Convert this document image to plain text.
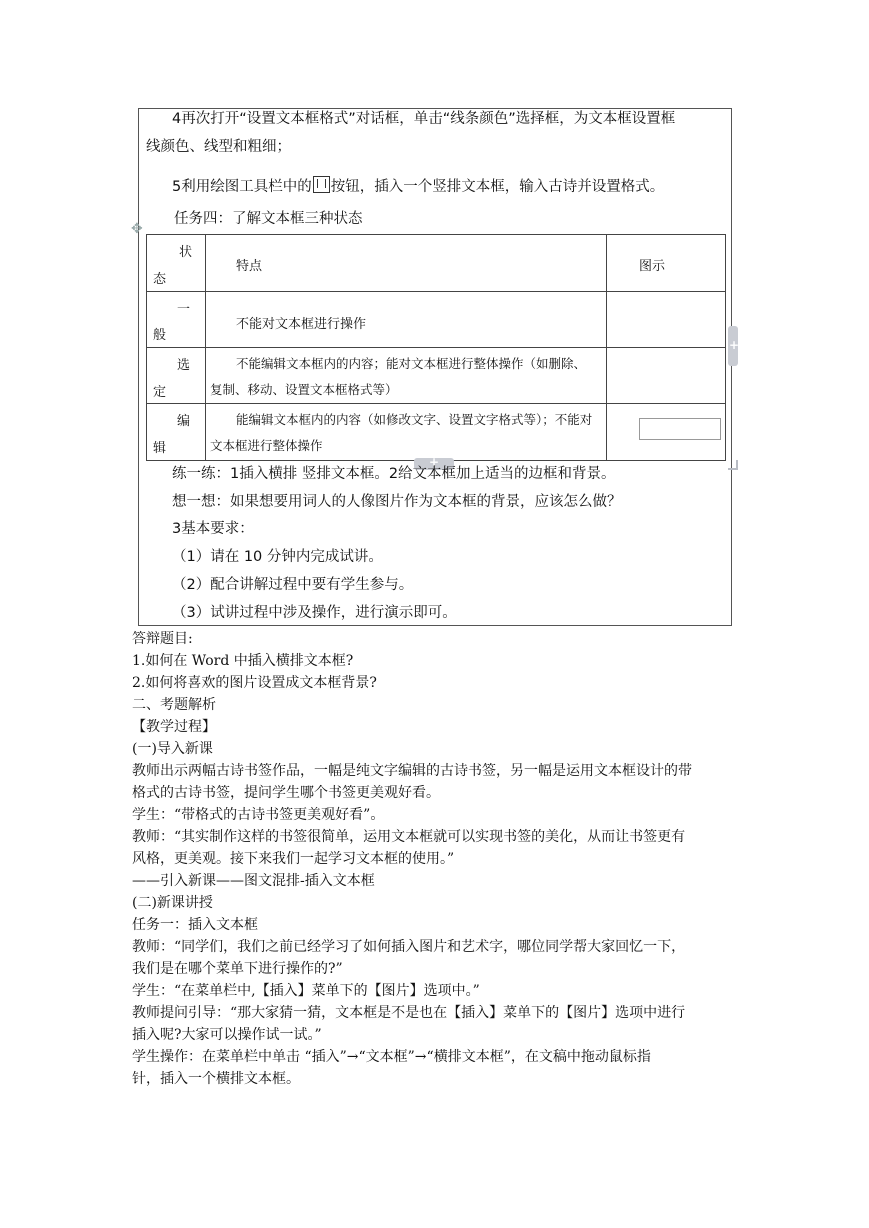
4再次打开“设置文本框格式”对话框，单击“线条颜色”选择框，为文本框设置框
线颜色、线型和粗细；
5利用绘图工具栏中的 按钮，插入一个竖排文本框，输入古诗并设置格式。
任务四：了解文本框三种状态
✥
状
态	特点	图示

一
般	不能对文本框进行操作	

选
定	不能编辑文本框内的内容；能对文本框进行整体操作（如删除、
复制、移动、设置文本框格式等）	

编
辑	能编辑文本框内的内容（如修改文字、设置文字格式等）；不能对
文本框进行整体操作	

+
+
练一练：1插入横排 竖排文本框。2给文本框加上适当的边框和背景。
想一想：如果想要用词人的人像图片作为文本框的背景，应该怎么做？
3基本要求：
（1）请在 10 分钟内完成试讲。
（2）配合讲解过程中要有学生参与。
（3）试讲过程中涉及操作，进行演示即可。
答辩题目:
1.如何在 Word 中插入横排文本框?
2.如何将喜欢的图片设置成文本框背景?
二、考题解析
【教学过程】
(一)导入新课
教师出示两幅古诗书签作品，一幅是纯文字编辑的古诗书签，另一幅是运用文本框设计的带
格式的古诗书签，提问学生哪个书签更美观好看。
学生：“带格式的古诗书签更美观好看”。
教师：“其实制作这样的书签很简单，运用文本框就可以实现书签的美化，从而让书签更有
风格，更美观。接下来我们一起学习文本框的使用。”
——引入新课——图文混排-插入文本框
(二)新课讲授
任务一：插入文本框
教师：“同学们，我们之前已经学习了如何插入图片和艺术字，哪位同学帮大家回忆一下，
我们是在哪个菜单下进行操作的?”
学生：“在菜单栏中,【插入】菜单下的【图片】选项中。”
教师提问引导：“那大家猜一猜，文本框是不是也在【插入】菜单下的【图片】选项中进行
插入呢?大家可以操作试一试。”
学生操作：在菜单栏中单击 “插入”→“文本框”→“横排文本框”，在文稿中拖动鼠标指
针，插入一个横排文本框。
